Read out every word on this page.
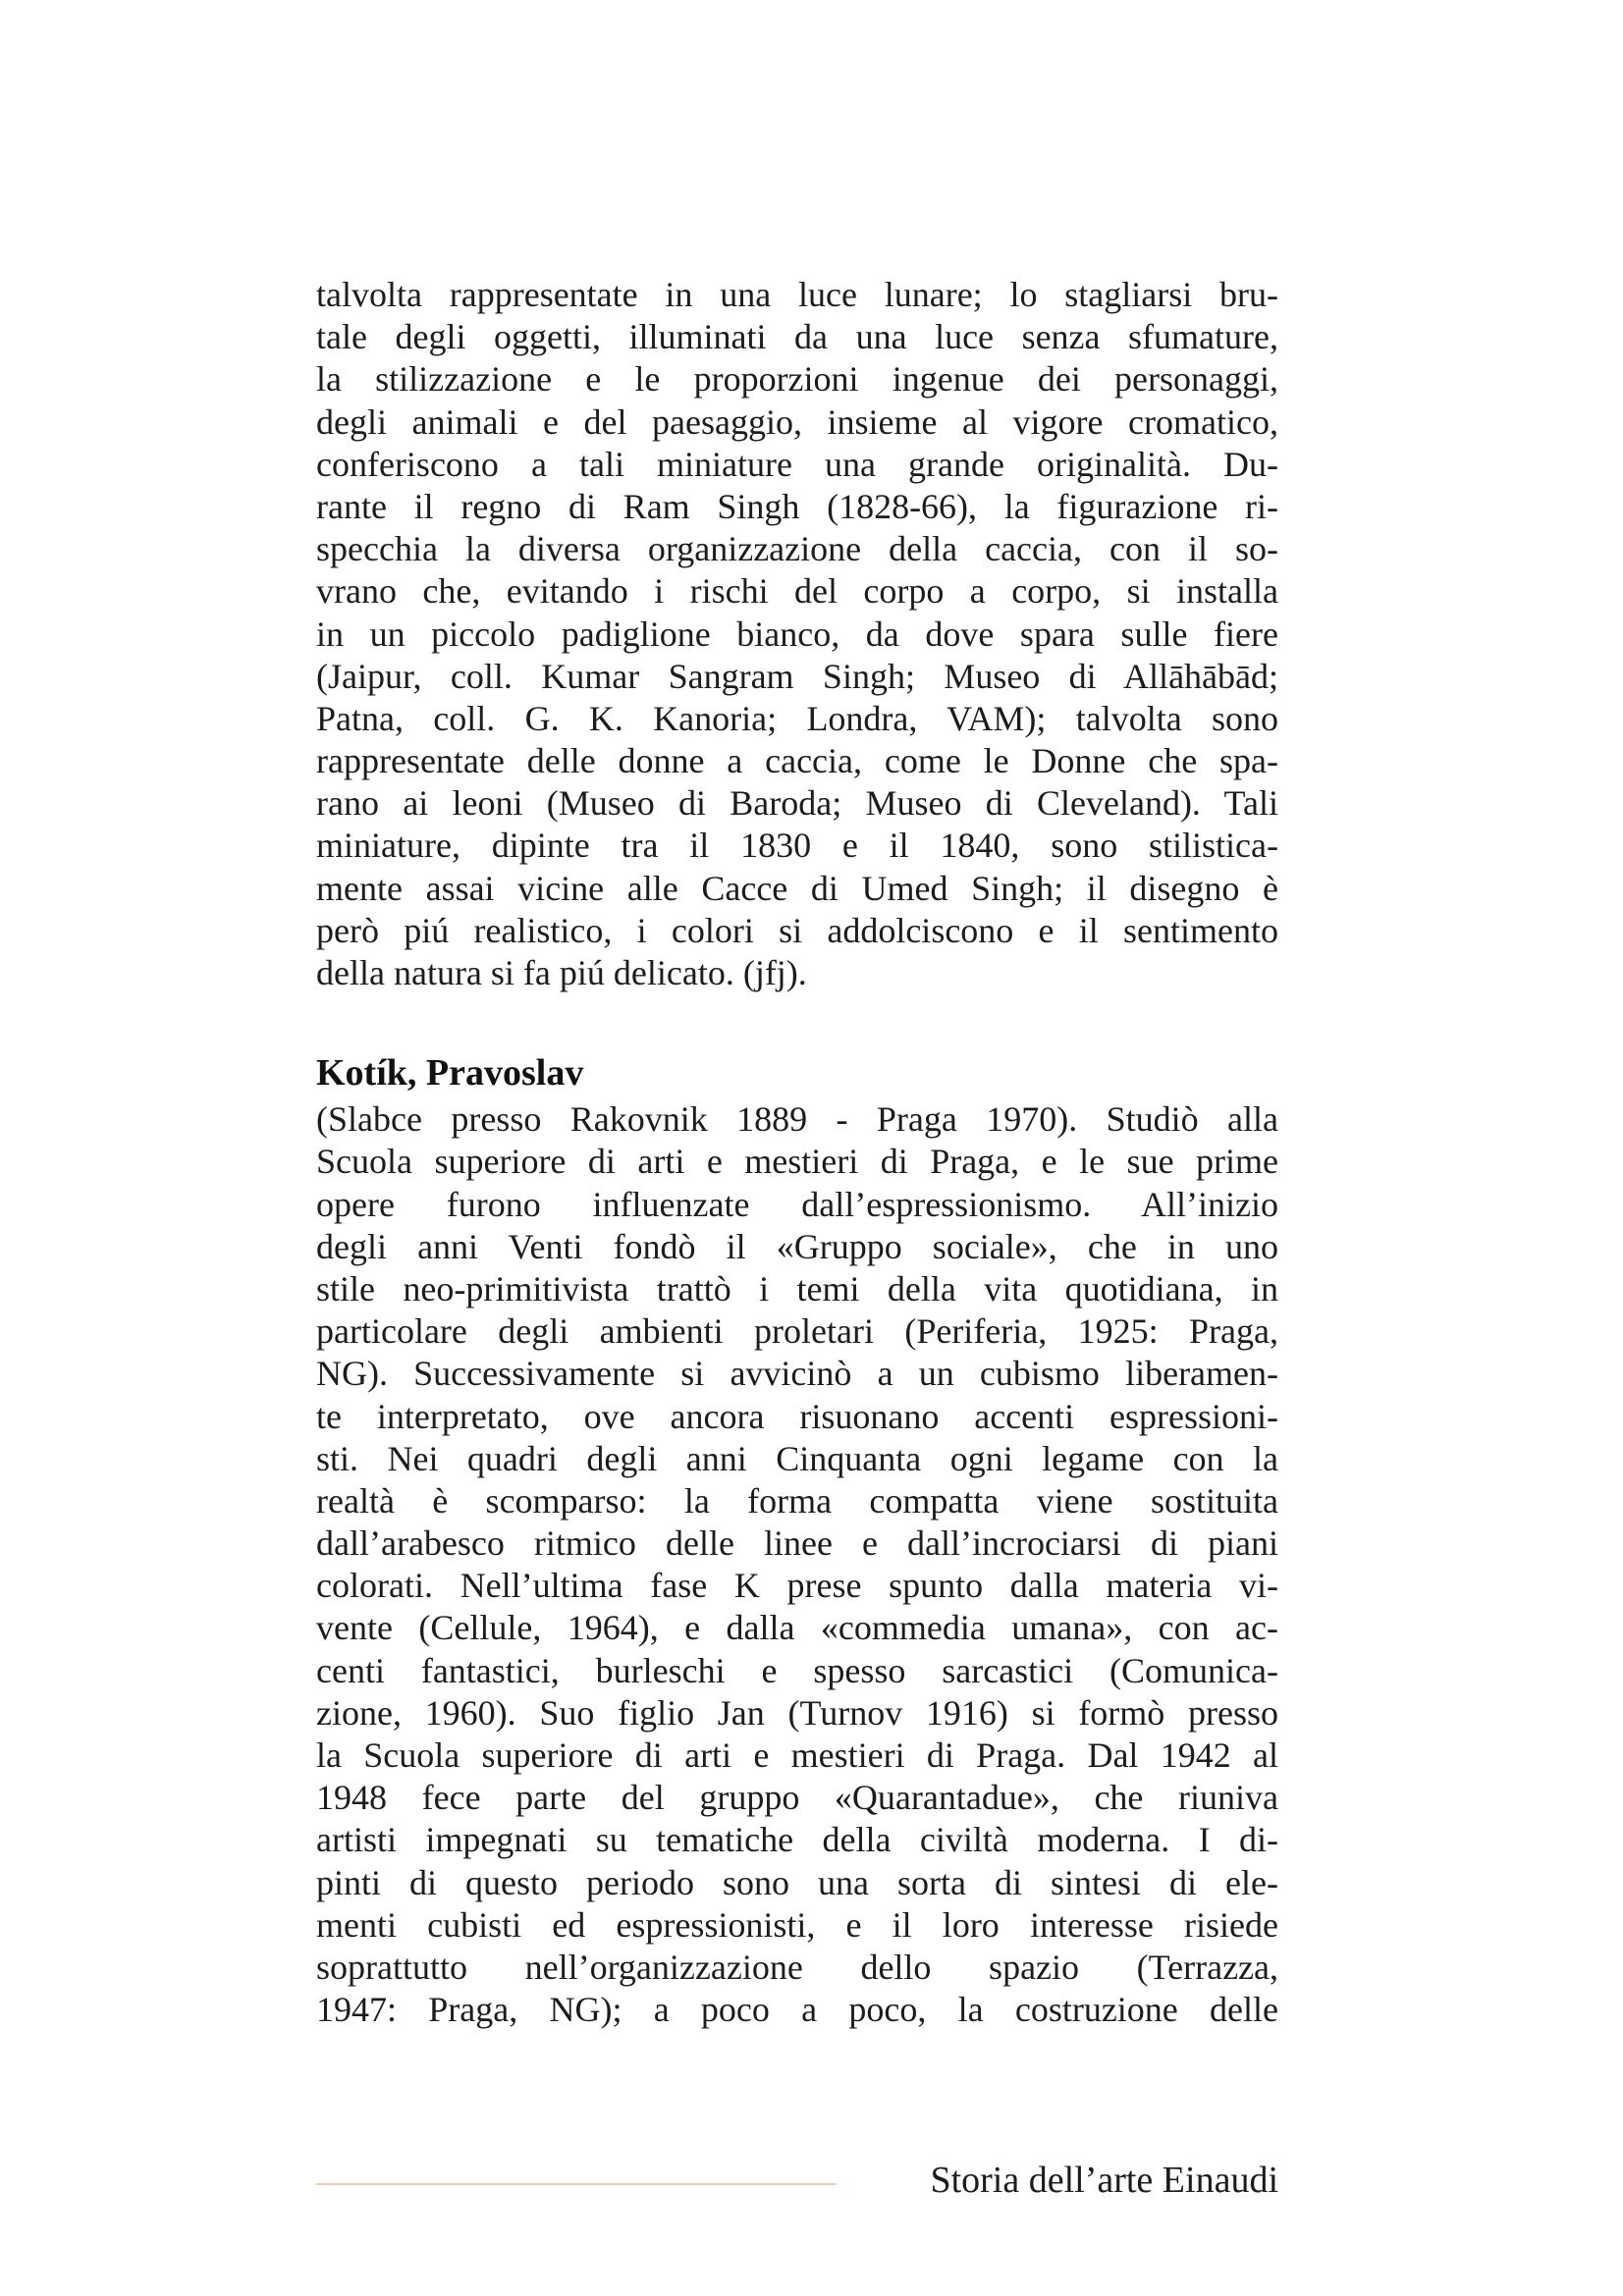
talvolta rappresentate in una luce lunare; lo stagliarsi bru-
tale degli oggetti, illuminati da una luce senza sfumature,
la stilizzazione e le proporzioni ingenue dei personaggi,
degli animali e del paesaggio, insieme al vigore cromatico,
conferiscono a tali miniature una grande originalità. Du-
rante il regno di Ram Singh (1828-66), la figurazione ri-
specchia la diversa organizzazione della caccia, con il so-
vrano che, evitando i rischi del corpo a corpo, si installa
in un piccolo padiglione bianco, da dove spara sulle fiere
(Jaipur, coll. Kumar Sangram Singh; Museo di Allāhābād;
Patna, coll. G. K. Kanoria; Londra, VAM); talvolta sono
rappresentate delle donne a caccia, come le Donne che spa-
rano ai leoni (Museo di Baroda; Museo di Cleveland). Tali
miniature, dipinte tra il 1830 e il 1840, sono stilistica-
mente assai vicine alle Cacce di Umed Singh; il disegno è
però piú realistico, i colori si addolciscono e il sentimento
della natura si fa piú delicato. (jfj).
Kotík, Pravoslav
(Slabce presso Rakovnik 1889 - Praga 1970). Studiò alla
Scuola superiore di arti e mestieri di Praga, e le sue prime
opere furono influenzate dall’espressionismo. All’inizio
degli anni Venti fondò il «Gruppo sociale», che in uno
stile neo-primitivista trattò i temi della vita quotidiana, in
particolare degli ambienti proletari (Periferia, 1925: Praga,
NG). Successivamente si avvicinò a un cubismo liberamen-
te interpretato, ove ancora risuonano accenti espressioni-
sti. Nei quadri degli anni Cinquanta ogni legame con la
realtà è scomparso: la forma compatta viene sostituita
dall’arabesco ritmico delle linee e dall’incrociarsi di piani
colorati. Nell’ultima fase K prese spunto dalla materia vi-
vente (Cellule, 1964), e dalla «commedia umana», con ac-
centi fantastici, burleschi e spesso sarcastici (Comunica-
zione, 1960). Suo figlio Jan (Turnov 1916) si formò presso
la Scuola superiore di arti e mestieri di Praga. Dal 1942 al
1948 fece parte del gruppo «Quarantadue», che riuniva
artisti impegnati su tematiche della civiltà moderna. I di-
pinti di questo periodo sono una sorta di sintesi di ele-
menti cubisti ed espressionisti, e il loro interesse risiede
soprattutto nell’organizzazione dello spazio (Terrazza,
1947: Praga, NG); a poco a poco, la costruzione delle
Storia dell’arte Einaudi
